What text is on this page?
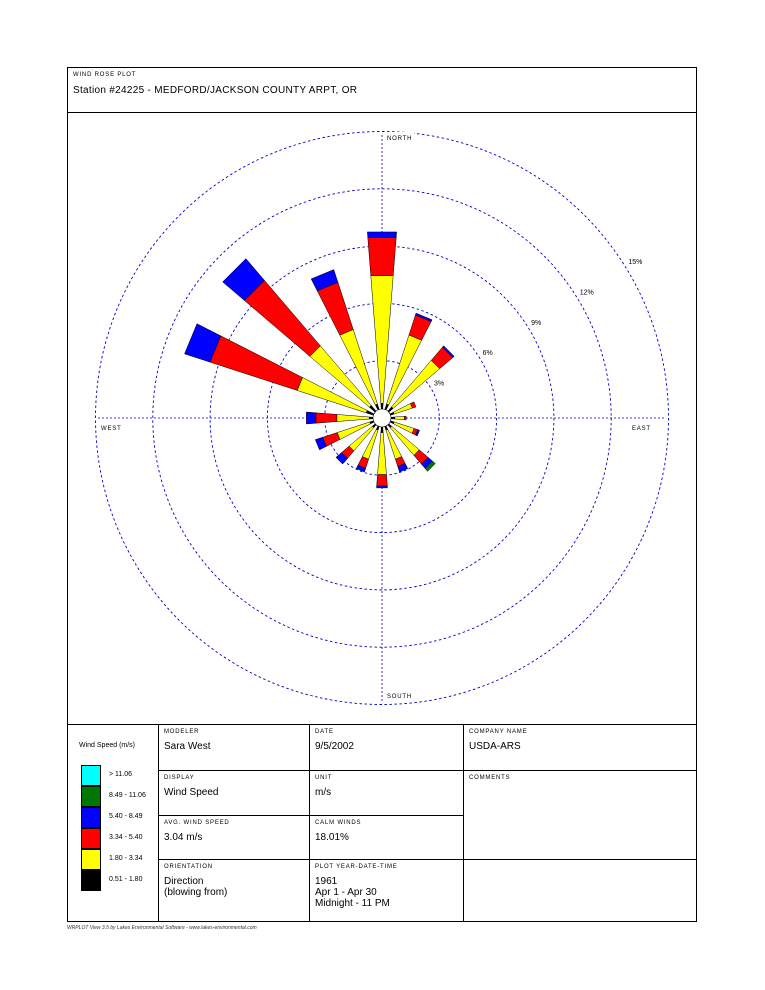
WIND ROSE PLOT
Station #24225 - MEDFORD/JACKSON COUNTY ARPT, OR
3%
6%
9%
12%
15%
NORTH
SOUTH
WEST	EAST
Wind Speed (m/s)
> 11.06
8.49 - 11.06
5.40 - 8.49
3.34 - 5.40
1.80 - 3.34
0.51 - 1.80
MODELER
Sara West
DATE
9/5/2002
COMPANY NAME
USDA-ARS
DISPLAY
Wind Speed
UNIT
m/s
COMMENTS
AVG. WIND SPEED
3.04 m/s
CALM WINDS
18.01%
ORIENTATION
Direction
(blowing from)
PLOT YEAR-DATE-TIME
1961
Apr 1 - Apr 30
Midnight - 11 PM
WRPLOT View 3.5 by Lakes Environmental Software - www.lakes-environmental.com
